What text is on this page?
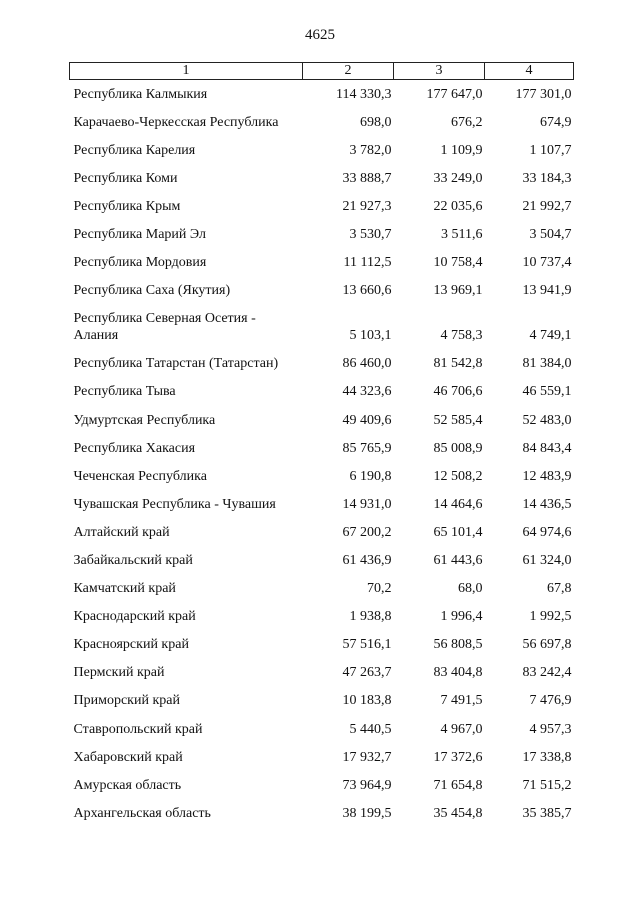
4625
1	2	3	4
Республика Калмыкия	114 330,3	177 647,0	177 301,0
Карачаево-Черкесская Республика	698,0	676,2	674,9
Республика Карелия	3 782,0	1 109,9	1 107,7
Республика Коми	33 888,7	33 249,0	33 184,3
Республика Крым	21 927,3	22 035,6	21 992,7
Республика Марий Эл	3 530,7	3 511,6	3 504,7
Республика Мордовия	11 112,5	10 758,4	10 737,4
Республика Саха (Якутия)	13 660,6	13 969,1	13 941,9
Республика Северная Осетия - Алания	5 103,1	4 758,3	4 749,1
Республика Татарстан (Татарстан)	86 460,0	81 542,8	81 384,0
Республика Тыва	44 323,6	46 706,6	46 559,1
Удмуртская Республика	49 409,6	52 585,4	52 483,0
Республика Хакасия	85 765,9	85 008,9	84 843,4
Чеченская Республика	6 190,8	12 508,2	12 483,9
Чувашская Республика - Чувашия	14 931,0	14 464,6	14 436,5
Алтайский край	67 200,2	65 101,4	64 974,6
Забайкальский край	61 436,9	61 443,6	61 324,0
Камчатский край	70,2	68,0	67,8
Краснодарский край	1 938,8	1 996,4	1 992,5
Красноярский край	57 516,1	56 808,5	56 697,8
Пермский край	47 263,7	83 404,8	83 242,4
Приморский край	10 183,8	7 491,5	7 476,9
Ставропольский край	5 440,5	4 967,0	4 957,3
Хабаровский край	17 932,7	17 372,6	17 338,8
Амурская область	73 964,9	71 654,8	71 515,2
Архангельская область	38 199,5	35 454,8	35 385,7
